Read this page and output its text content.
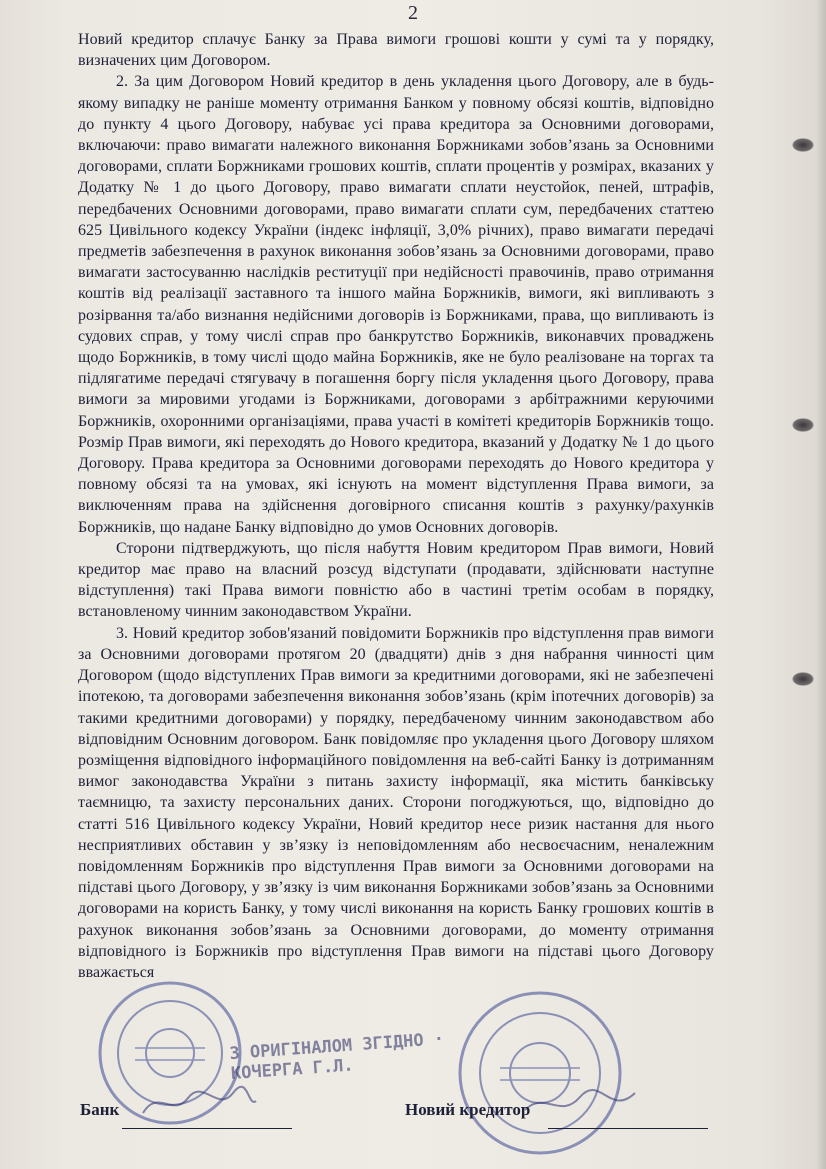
2

Новий кредитор сплачує Банку за Права вимоги грошові кошти у сумі та у порядку, визначених цим Договором.

2. За цим Договором Новий кредитор в день укладення цього Договору, але в будь-якому випадку не раніше моменту отримання Банком у повному обсязі коштів, відповідно до пункту 4 цього Договору, набуває усі права кредитора за Основними договорами, включаючи: право вимагати належного виконання Боржниками зобов’язань за Основними договорами, сплати Боржниками грошових коштів, сплати процентів у розмірах, вказаних у Додатку № 1 до цього Договору, право вимагати сплати неустойок, пеней, штрафів, передбачених Основними договорами, право вимагати сплати сум, передбачених статтею 625 Цивільного кодексу України (індекс інфляції, 3,0% річних), право вимагати передачі предметів забезпечення в рахунок виконання зобов’язань за Основними договорами, право вимагати застосуванню наслідків реституції при недійсності правочинів, право отримання коштів від реалізації заставного та іншого майна Боржників, вимоги, які випливають з розірвання та/або визнання недійсними договорів із Боржниками, права, що випливають із судових справ, у тому числі справ про банкрутство Боржників, виконавчих проваджень щодо Боржників, в тому числі щодо майна Боржників, яке не було реалізоване на торгах та підлягатиме передачі стягувачу в погашення боргу після укладення цього Договору, права вимоги за мировими угодами із Боржниками, договорами з арбітражними керуючими Боржників, охоронними організаціями, права участі в комітеті кредиторів Боржників тощо. Розмір Прав вимоги, які переходять до Нового кредитора, вказаний у Додатку № 1 до цього Договору. Права кредитора за Основними договорами переходять до Нового кредитора у повному обсязі та на умовах, які існують на момент відступлення Права вимоги, за виключенням права на здійснення договірного списання коштів з рахунку/рахунків Боржників, що надане Банку відповідно до умов Основних договорів.

Сторони підтверджують, що після набуття Новим кредитором Прав вимоги, Новий кредитор має право на власний розсуд відступати (продавати, здійснювати наступне відступлення) такі Права вимоги повністю або в частині третім особам в порядку, встановленому чинним законодавством України.

3. Новий кредитор зобов'язаний повідомити Боржників про відступлення прав вимоги за Основними договорами протягом 20 (двадцяти) днів з дня набрання чинності цим Договором (щодо відступлених Прав вимоги за кредитними договорами, які не забезпечені іпотекою, та договорами забезпечення виконання зобов’язань (крім іпотечних договорів) за такими кредитними договорами) у порядку, передбаченому чинним законодавством або відповідним Основним договором. Банк повідомляє про укладення цього Договору шляхом розміщення відповідного інформаційного повідомлення на веб-сайті Банку із дотриманням вимог законодавства України з питань захисту інформації, яка містить банківську таємницю, та захисту персональних даних. Сторони погоджуються, що, відповідно до статті 516 Цивільного кодексу України, Новий кредитор несе ризик настання для нього несприятливих обставин у зв’язку із неповідомленням або несвоєчасним, неналежним повідомленням Боржників про відступлення Прав вимоги за Основними договорами на підставі цього Договору, у зв’язку із чим виконання Боржниками зобов’язань за Основними договорами на користь Банку, у тому числі виконання на користь Банку грошових коштів в рахунок виконання зобов’язань за Основними договорами, до моменту отримання відповідного із Боржників про відступлення Прав вимоги на підставі цього Договору вважається

З ОРИГІНАЛОМ ЗГІДНО · КОЧЕРГА Г.Л.
Банк	Новий кредитор
